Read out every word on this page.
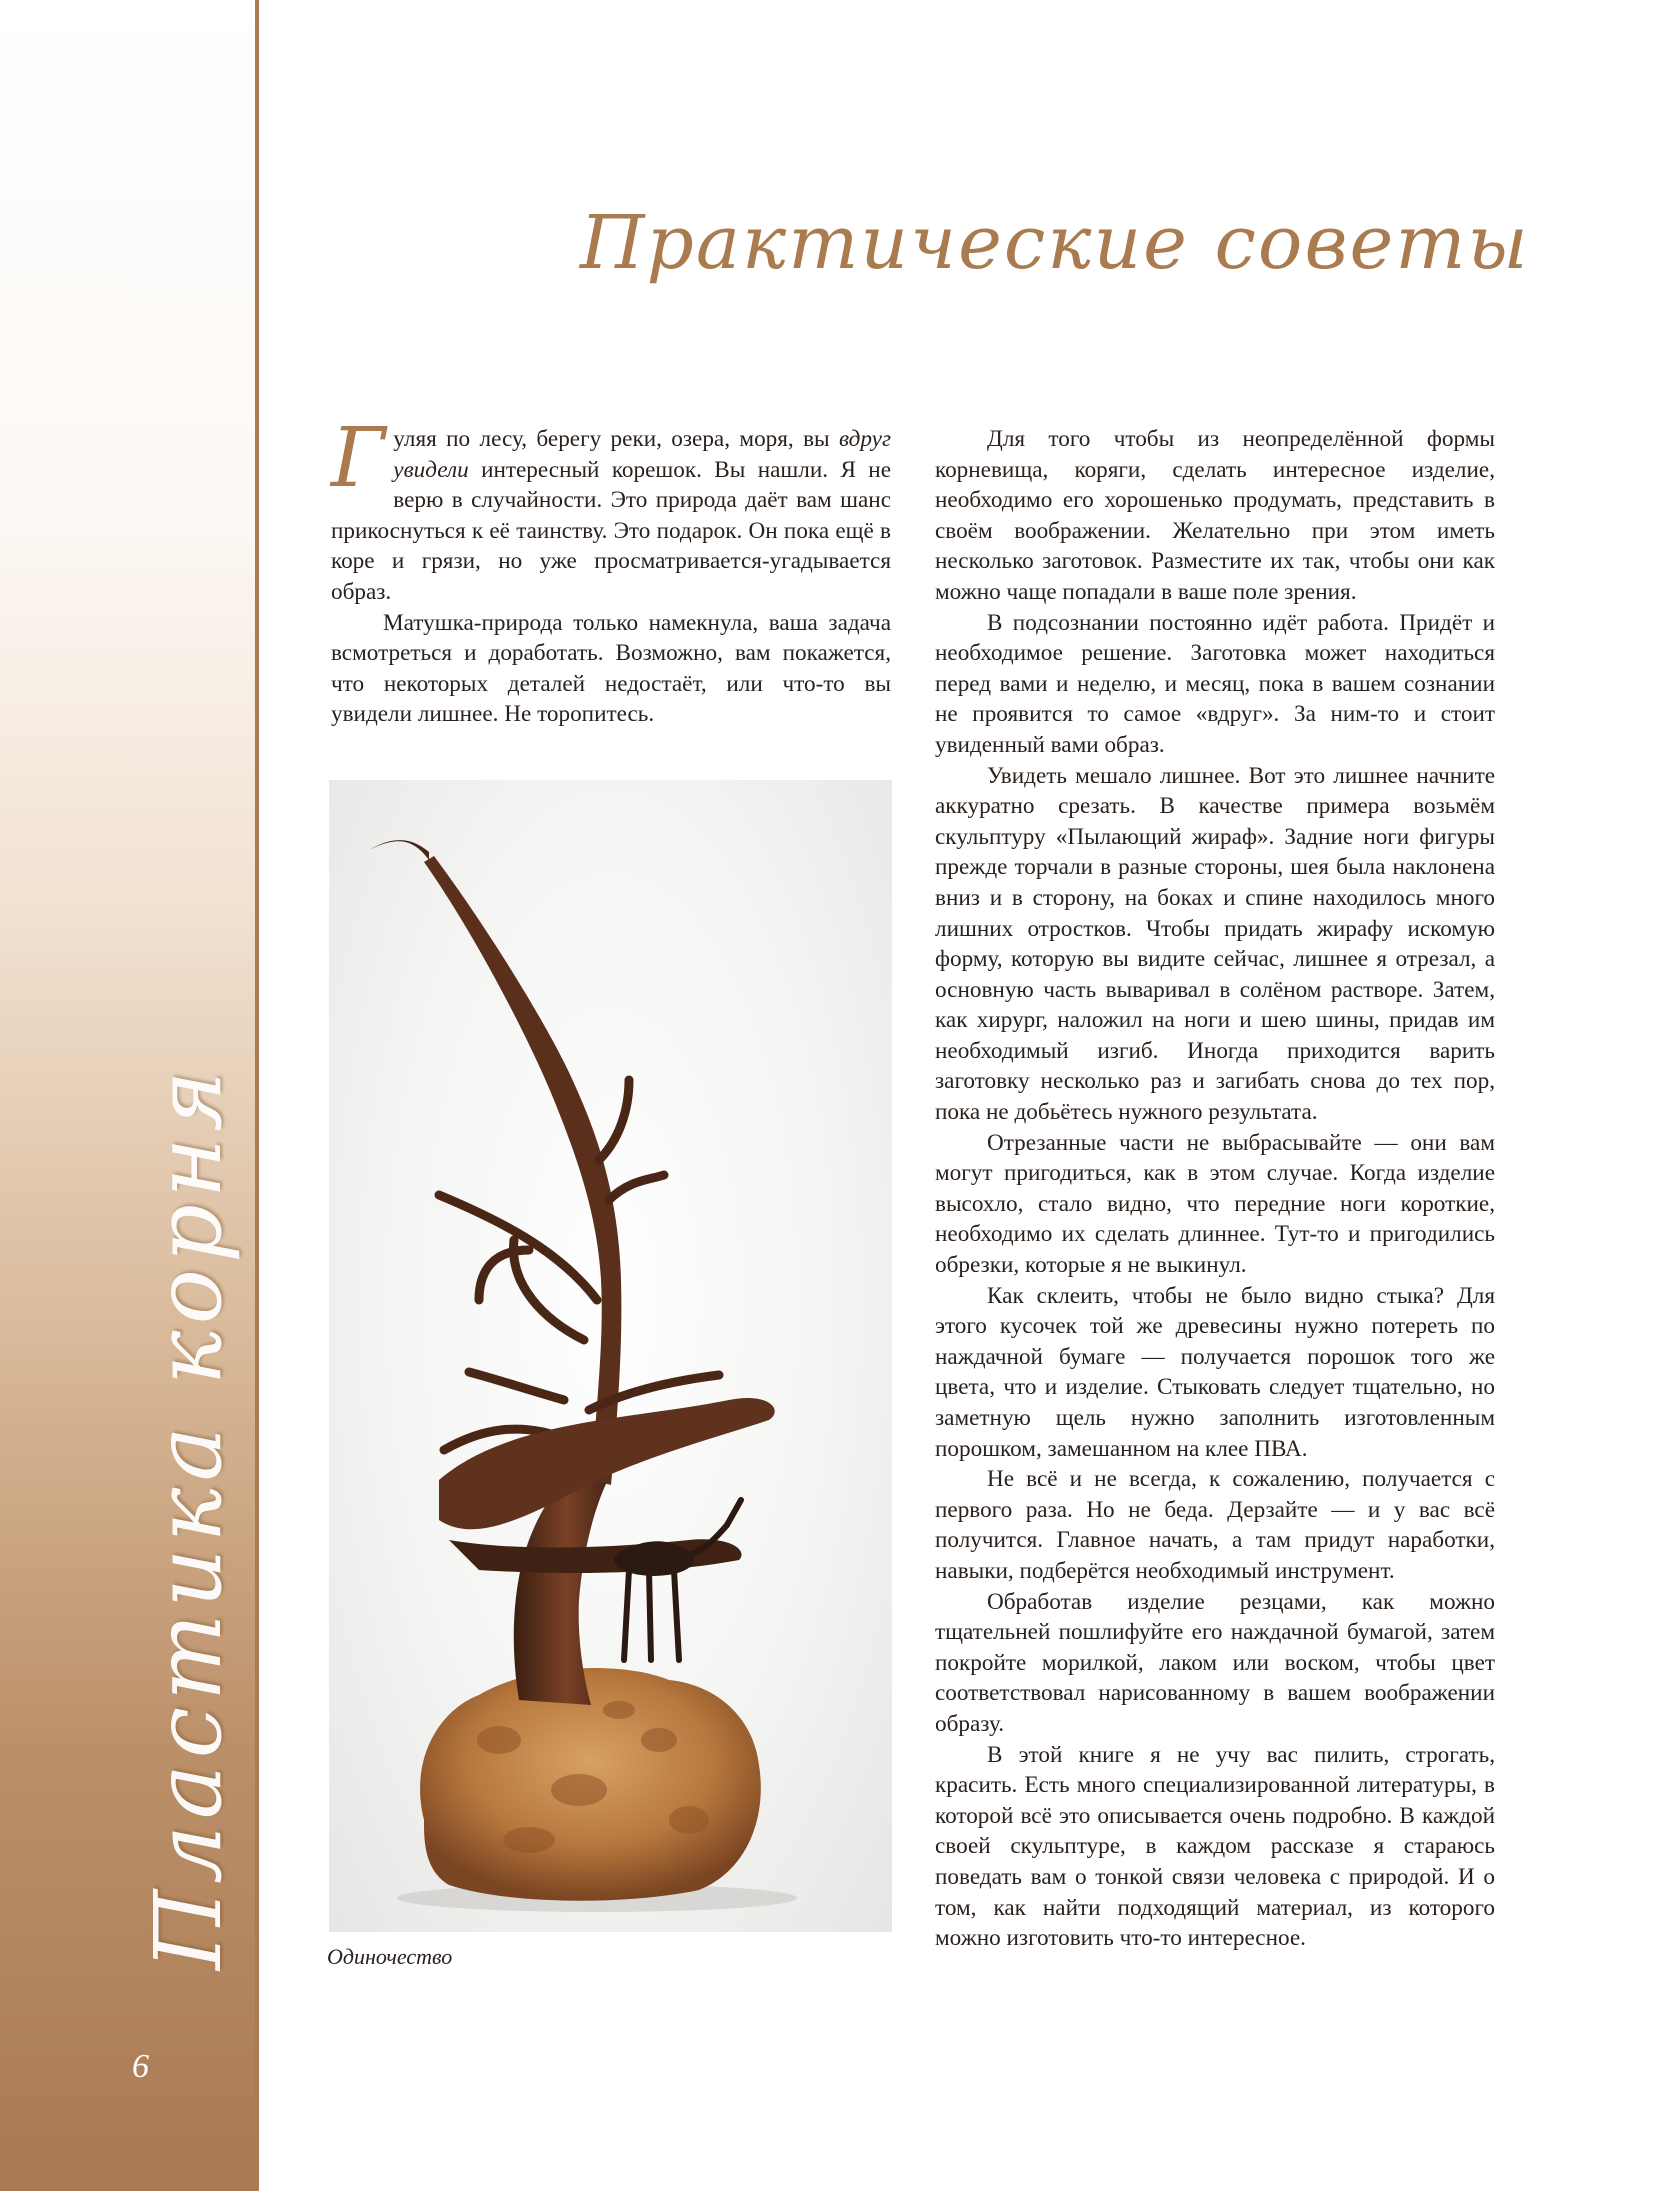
Пластика корня
6
Практические советы

Гуляя по лесу, берегу реки, озера, моря, вы вдруг увидели интересный корешок. Вы нашли. Я не верю в случайности. Это природа даёт вам шанс прикоснуться к её таинству. Это подарок. Он пока ещё в коре и грязи, но уже просматривается-угадывается образ.

Матушка-природа только намекнула, ваша задача всмотреться и доработать. Возможно, вам покажется, что некоторых деталей недостаёт, или что-то вы увидели лишнее. Не торопитесь.

Одиночество

Для того чтобы из неопределённой формы корневища, коряги, сделать интересное изделие, необходимо его хорошенько продумать, представить в своём воображении. Желательно при этом иметь несколько заготовок. Разместите их так, чтобы они как можно чаще попадали в ваше поле зрения.

В подсознании постоянно идёт работа. Придёт и необходимое решение. Заготовка может находиться перед вами и неделю, и месяц, пока в вашем сознании не проявится то самое «вдруг». За ним-то и стоит увиденный вами образ.

Увидеть мешало лишнее. Вот это лишнее начните аккуратно срезать. В качестве примера возьмём скульптуру «Пылающий жираф». Задние ноги фигуры прежде торчали в разные стороны, шея была наклонена вниз и в сторону, на боках и спине находилось много лишних отростков. Чтобы придать жирафу искомую форму, которую вы видите сейчас, лишнее я отрезал, а основную часть вываривал в солёном растворе. Затем, как хирург, наложил на ноги и шею шины, придав им необходимый изгиб. Иногда приходится варить заготовку несколько раз и загибать снова до тех пор, пока не добьётесь нужного результата.

Отрезанные части не выбрасывайте — они вам могут пригодиться, как в этом случае. Когда изделие высохло, стало видно, что передние ноги короткие, необходимо их сделать длиннее. Тут-то и пригодились обрезки, которые я не выкинул.

Как склеить, чтобы не было видно стыка? Для этого кусочек той же древесины нужно потереть по наждачной бумаге — получается порошок того же цвета, что и изделие. Стыковать следует тщательно, но заметную щель нужно заполнить изготовленным порошком, замешанном на клее ПВА.

Не всё и не всегда, к сожалению, получается с первого раза. Но не беда. Дерзайте — и у вас всё получится. Главное начать, а там придут наработки, навыки, подберётся необходимый инструмент.

Обработав изделие резцами, как можно тщательней пошлифуйте его наждачной бумагой, затем покройте морилкой, лаком или воском, чтобы цвет соответствовал нарисованному в вашем воображении образу.

В этой книге я не учу вас пилить, строгать, красить. Есть много специализированной литературы, в которой всё это описывается очень подробно. В каждой своей скульптуре, в каждом рассказе я стараюсь поведать вам о тонкой связи человека с природой. И о том, как найти подходящий материал, из которого можно изготовить что-то интересное.
